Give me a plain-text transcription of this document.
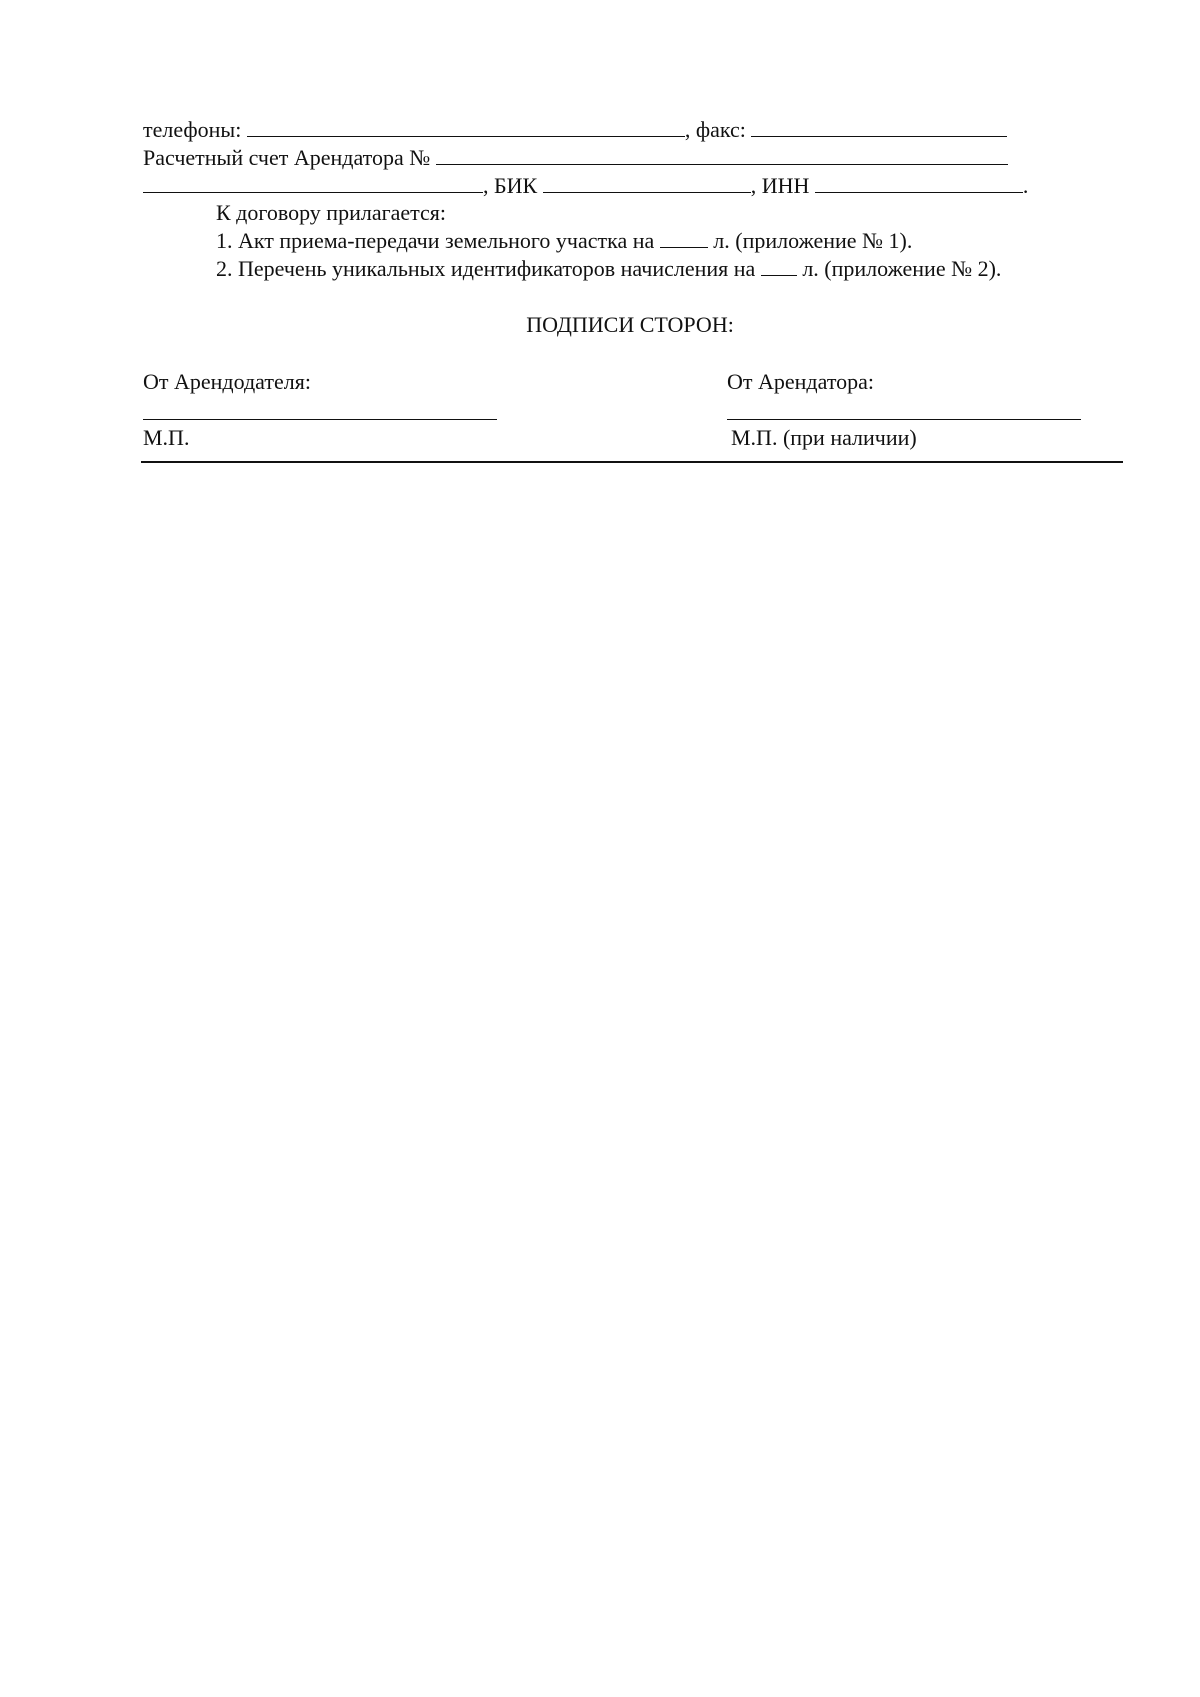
телефоны:	, факс:
Расчетный счет Арендатора №
, БИК	, ИНН	.
К договору прилагается:
1. Акт приема-передачи земельного участка на	л. (приложение № 1).
2. Перечень уникальных идентификаторов начисления на л. (приложение № 2).
ПОДПИСИ СТОРОН:
От Арендодателя:	От Арендатора:
М.П.	М.П. (при наличии)
